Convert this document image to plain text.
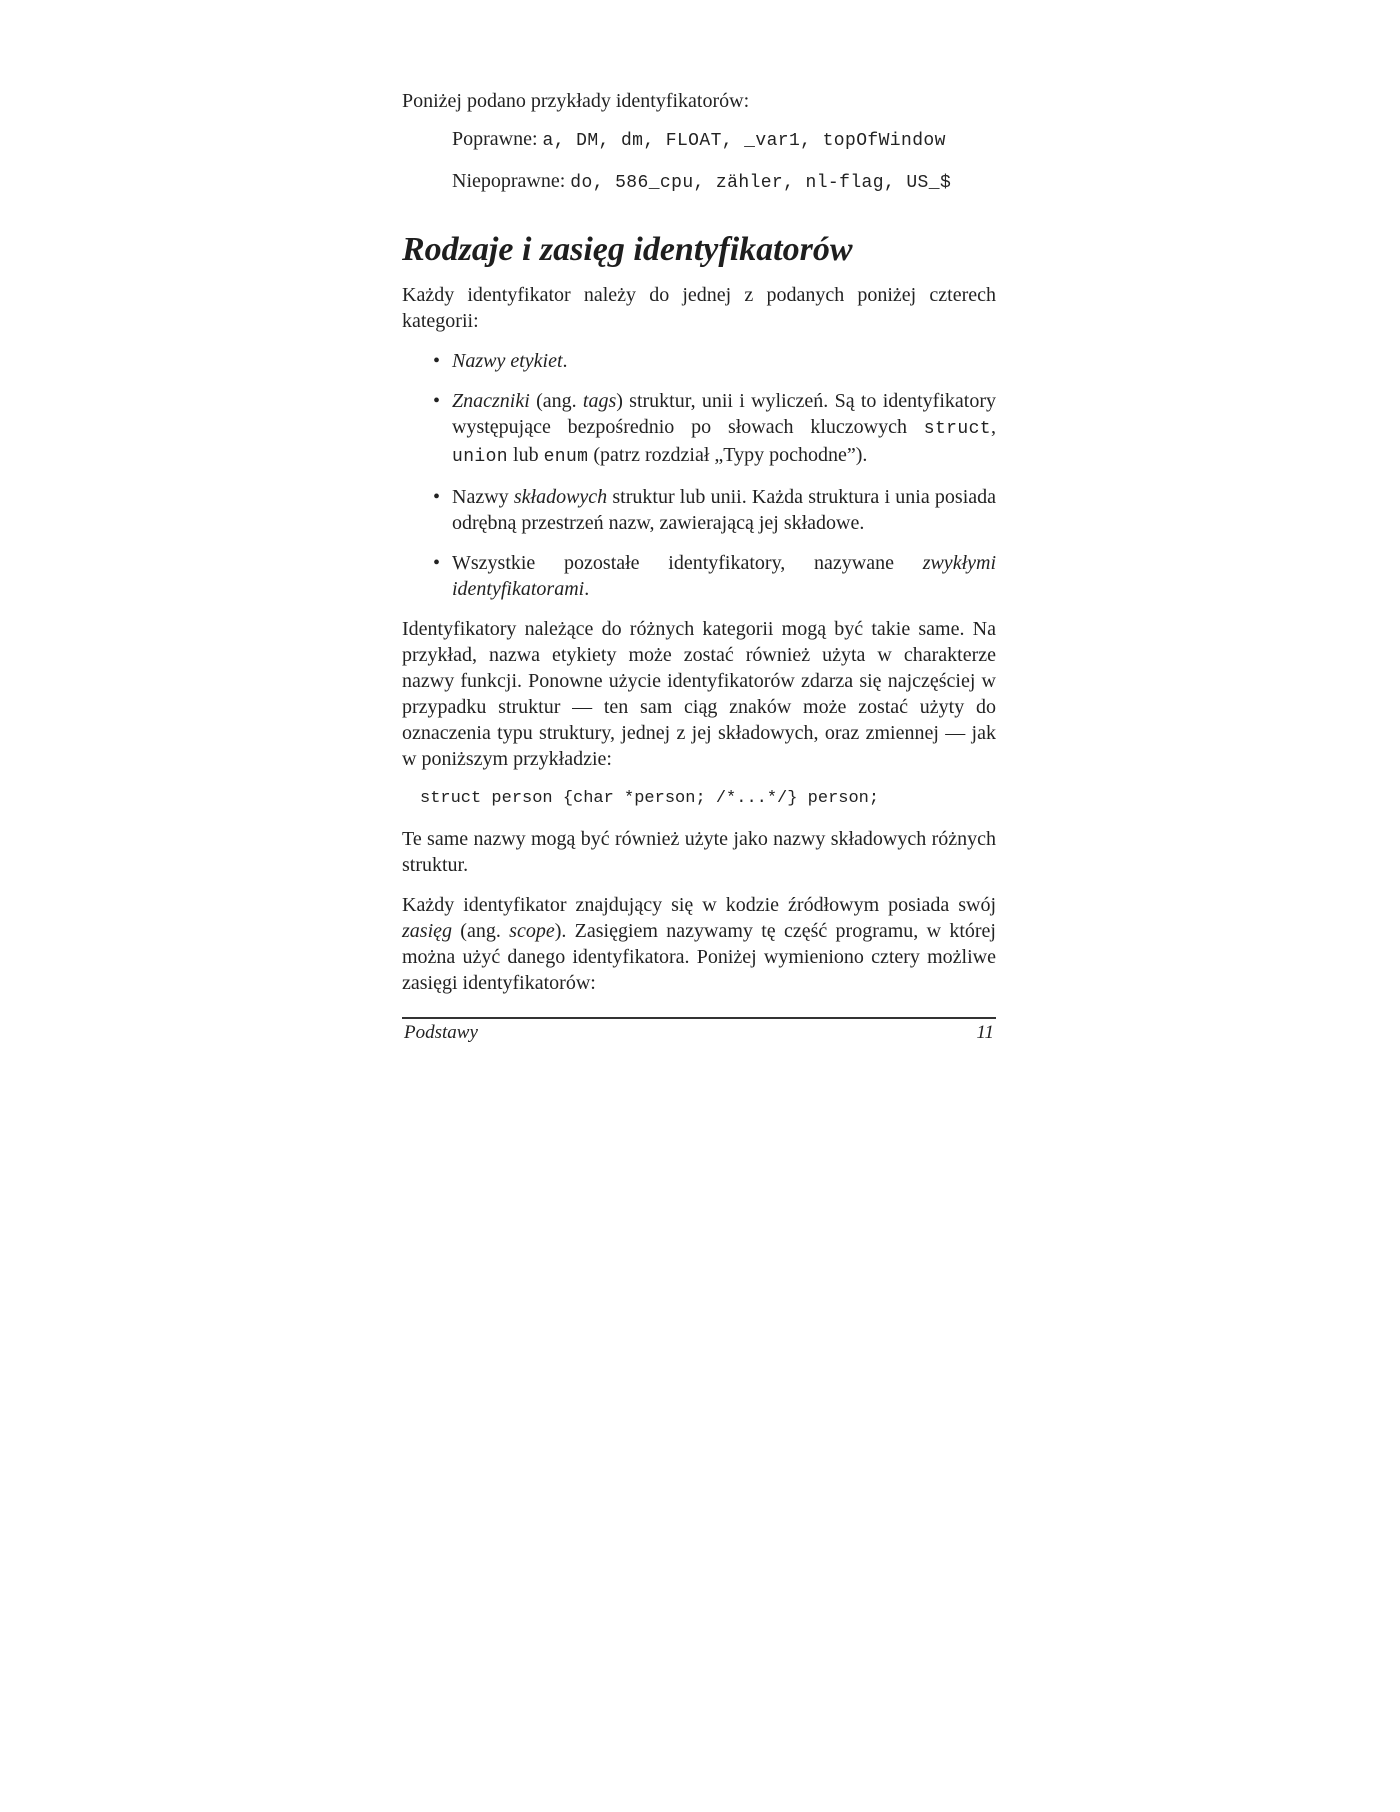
Poniżej podano przykłady identyfikatorów:

Poprawne: a, DM, dm, FLOAT, _var1, topOfWindow
Niepoprawne: do, 586_cpu, zähler, nl-flag, US_$
Rodzaje i zasięg identyfikatorów

Każdy identyfikator należy do jednej z podanych poniżej czterech kategorii:

• Nazwy etykiet.
• Znaczniki (ang. tags) struktur, unii i wyliczeń. Są to identyfikatory występujące bezpośrednio po słowach kluczowych struct, union lub enum (patrz rozdział „Typy pochodne”).
• Nazwy składowych struktur lub unii. Każda struktura i unia posiada odrębną przestrzeń nazw, zawierającą jej składowe.
• Wszystkie pozostałe identyfikatory, nazywane zwykłymi identyfikatorami.

Identyfikatory należące do różnych kategorii mogą być takie same. Na przykład, nazwa etykiety może zostać również użyta w charakterze nazwy funkcji. Ponowne użycie identyfikatorów zdarza się najczęściej w przypadku struktur — ten sam ciąg znaków może zostać użyty do oznaczenia typu struktury, jednej z jej składowych, oraz zmiennej — jak w poniższym przykładzie:

struct person {char *person; /*...*/} person;

Te same nazwy mogą być również użyte jako nazwy składowych różnych struktur.

Każdy identyfikator znajdujący się w kodzie źródłowym posiada swój zasięg (ang. scope). Zasięgiem nazywamy tę część programu, w której można użyć danego identyfikatora. Poniżej wymieniono cztery możliwe zasięgi identyfikatorów:

Podstawy	11
